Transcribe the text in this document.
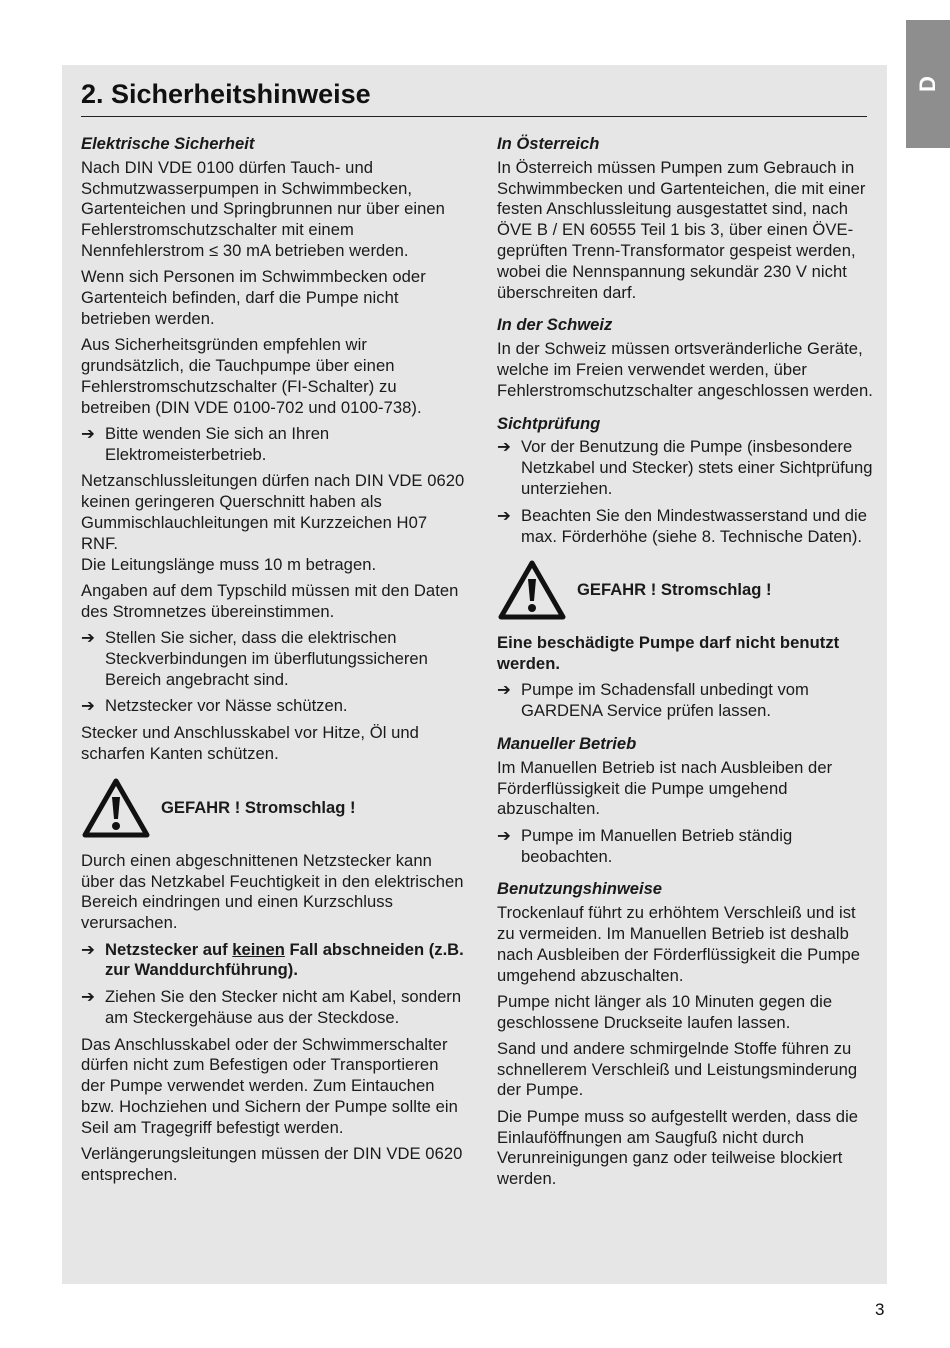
D
2. Sicherheitshinweise
Elektrische Sicherheit

Nach DIN VDE 0100 dürfen Tauch- und Schmutzwasserpumpen in Schwimmbecken, Gartenteichen und Springbrunnen nur über einen Fehlerstromschutzschalter mit einem Nennfehlerstrom ≤ 30 mA betrieben werden.

Wenn sich Personen im Schwimmbecken oder Gartenteich befinden, darf die Pumpe nicht betrieben werden.

Aus Sicherheitsgründen empfehlen wir grundsätzlich, die Tauchpumpe über einen Fehlerstromschutzschalter (FI-Schalter) zu betreiben (DIN VDE 0100-702 und 0100-738).

➔ Bitte wenden Sie sich an Ihren Elektromeisterbetrieb.

Netzanschlussleitungen dürfen nach DIN VDE 0620 keinen geringeren Querschnitt haben als Gummischlauchleitungen mit Kurzzeichen H07 RNF.
Die Leitungslänge muss 10 m betragen.

Angaben auf dem Typschild müssen mit den Daten des Stromnetzes übereinstimmen.

➔ Stellen Sie sicher, dass die elektrischen Steckverbindungen im überflutungssicheren Bereich angebracht sind.

➔ Netzstecker vor Nässe schützen.

Stecker und Anschlusskabel vor Hitze, Öl und scharfen Kanten schützen.

GEFAHR ! Stromschlag !

Durch einen abgeschnittenen Netzstecker kann über das Netzkabel Feuchtigkeit in den elektrischen Bereich eindringen und einen Kurzschluss verursachen.

➔ Netzstecker auf keinen Fall abschneiden (z.B. zur Wanddurchführung).

➔ Ziehen Sie den Stecker nicht am Kabel, sondern am Steckergehäuse aus der Steckdose.

Das Anschlusskabel oder der Schwimmerschalter dürfen nicht zum Befestigen oder Transportieren der Pumpe verwendet werden. Zum Eintauchen bzw. Hochziehen und Sichern der Pumpe sollte ein Seil am Tragegriff befestigt werden.

Verlängerungsleitungen müssen der DIN VDE 0620 entsprechen.

In Österreich

In Österreich müssen Pumpen zum Gebrauch in Schwimmbecken und Gartenteichen, die mit einer festen Anschlussleitung ausgestattet sind, nach ÖVE B / EN 60555 Teil 1 bis 3, über einen ÖVE-geprüften Trenn-Transformator gespeist werden, wobei die Nennspannung sekundär 230 V nicht überschreiten darf.

In der Schweiz

In der Schweiz müssen ortsveränderliche Geräte, welche im Freien verwendet werden, über Fehlerstromschutzschalter angeschlossen werden.

Sichtprüfung

➔ Vor der Benutzung die Pumpe (insbesondere Netzkabel und Stecker) stets einer Sichtprüfung unterziehen.

➔ Beachten Sie den Mindestwasserstand und die max. Förderhöhe (siehe 8. Technische Daten).

GEFAHR ! Stromschlag !

Eine beschädigte Pumpe darf nicht benutzt werden.

➔ Pumpe im Schadensfall unbedingt vom GARDENA Service prüfen lassen.

Manueller Betrieb

Im Manuellen Betrieb ist nach Ausbleiben der Förderflüssigkeit die Pumpe umgehend abzuschalten.

➔ Pumpe im Manuellen Betrieb ständig beobachten.

Benutzungshinweise

Trockenlauf führt zu erhöhtem Verschleiß und ist zu vermeiden. Im Manuellen Betrieb ist deshalb nach Ausbleiben der Förderflüssigkeit die Pumpe umgehend abzuschalten.

Pumpe nicht länger als 10 Minuten gegen die geschlossene Druckseite laufen lassen.

Sand und andere schmirgelnde Stoffe führen zu schnellerem Verschleiß und Leistungsminderung der Pumpe.

Die Pumpe muss so aufgestellt werden, dass die Einlauföffnungen am Saugfuß nicht durch Verunreinigungen ganz oder teilweise blockiert werden.

3
